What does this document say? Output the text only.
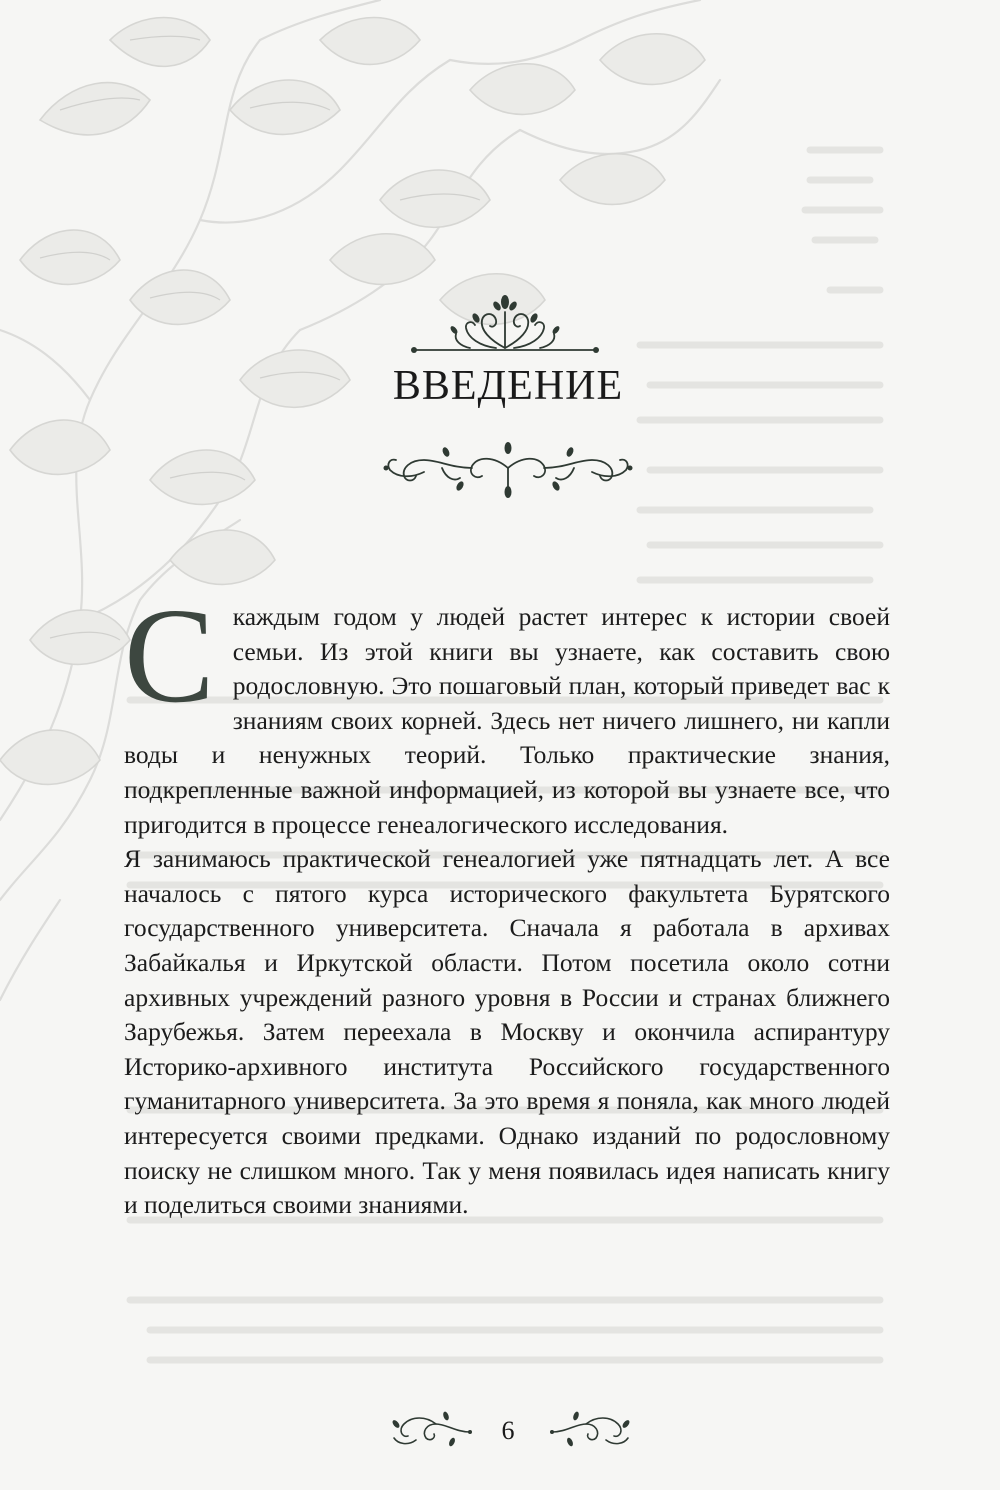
ВВЕДЕНИЕ

Скаждым годом у людей растет интерес к истории своей семьи. Из этой книги вы узнаете, как составить свою родословную. Это пошаговый план, который приведет вас к знаниям своих корней. Здесь нет ничего лишнего, ни капли воды и ненужных теорий. Только практические знания, подкрепленные важной информацией, из которой вы узнаете все, что пригодится в процессе генеалогического исследования.

Я занимаюсь практической генеалогией уже пятнадцать лет. А все началось с пятого курса исторического факультета Бурятского государственного университета. Сначала я работала в архивах Забайкалья и Иркутской области. Потом посетила около сотни архивных учреждений разного уровня в России и странах ближнего Зарубежья. Затем переехала в Москву и окончила аспирантуру Историко-архивного института Российского государственного гуманитарного университета. За это время я поняла, как много людей интересуется своими предками. Однако изданий по родословному поиску не слишком много. Так у меня появилась идея написать книгу и поделиться своими знаниями.

6
